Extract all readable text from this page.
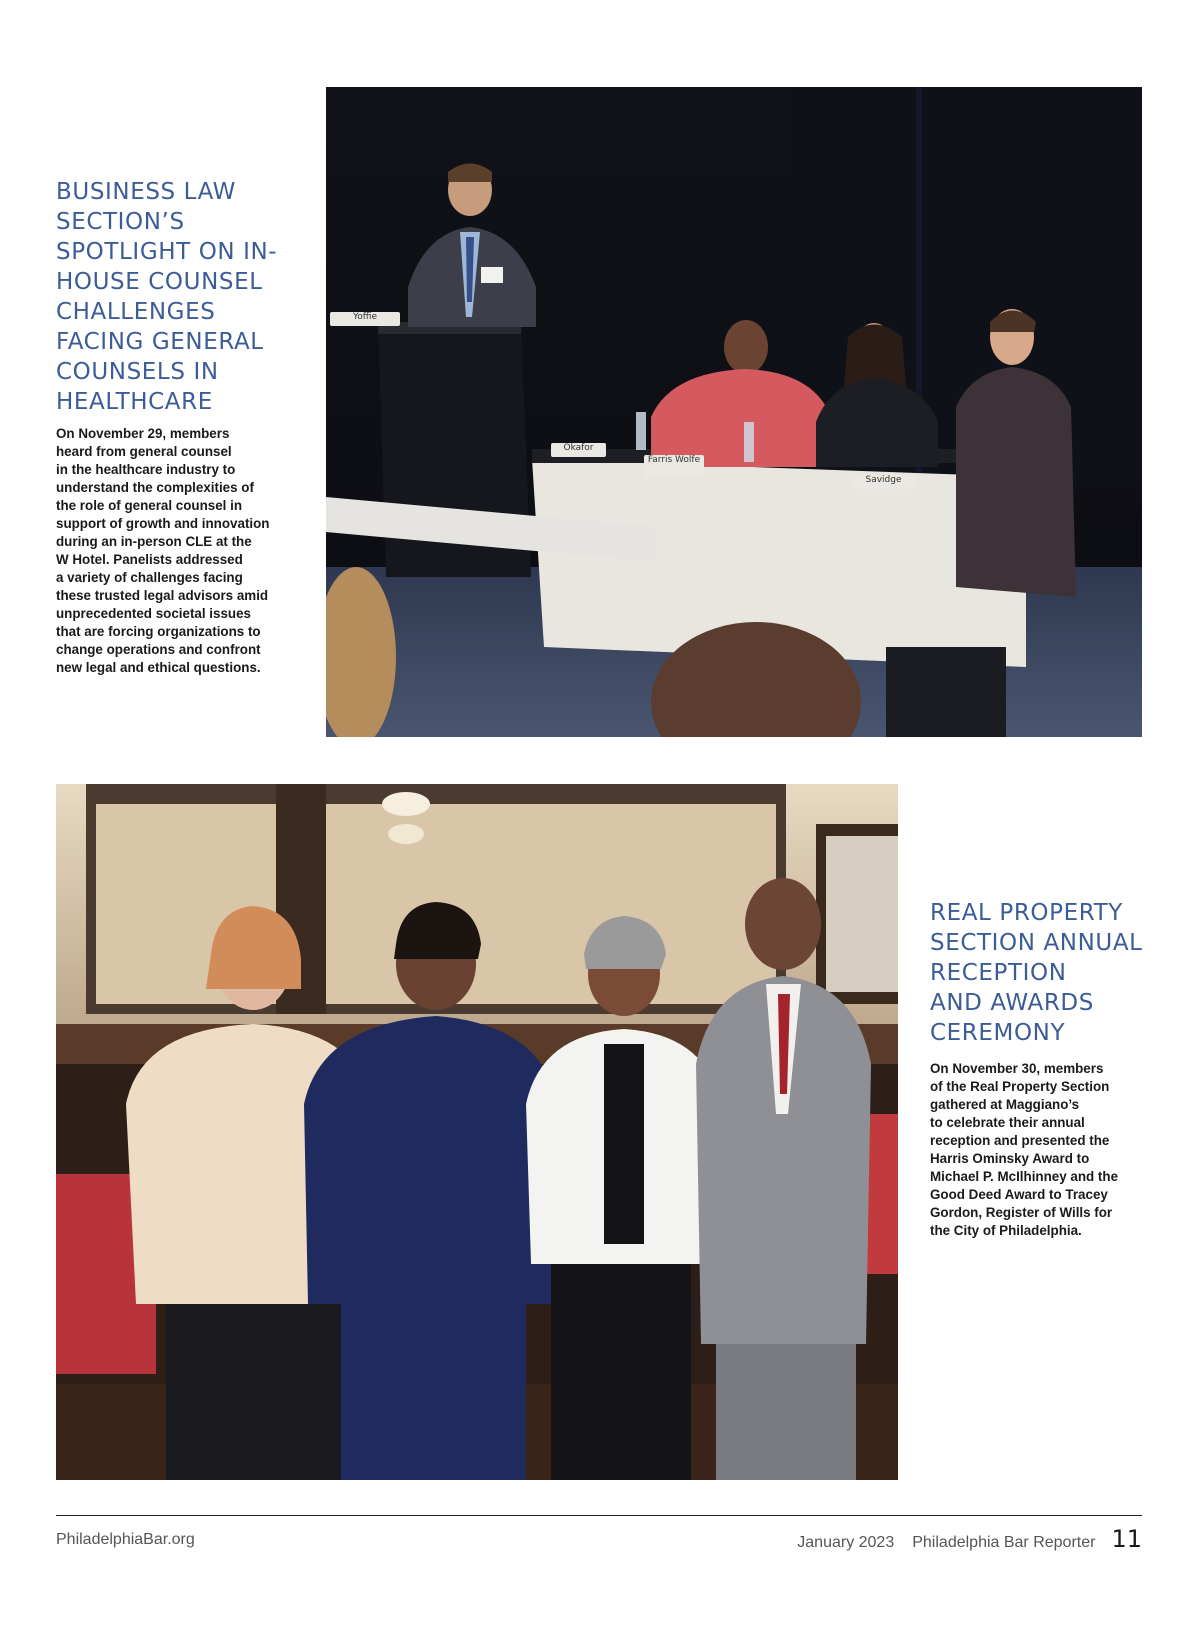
BUSINESS LAW
SECTION’S
SPOTLIGHT ON IN-
HOUSE COUNSEL
CHALLENGES
FACING GENERAL
COUNSELS IN
HEALTHCARE

On November 29, members
heard from general counsel
in the healthcare industry to
understand the complexities of
the role of general counsel in
support of growth and innovation
during an in-person CLE at the
W Hotel. Panelists addressed
a variety of challenges facing
these trusted legal advisors amid
unprecedented societal issues
that are forcing organizations to
change operations and confront
new legal and ethical questions.

Yoffie
Okafor
Farris Wolfe
Savidge
REAL PROPERTY
SECTION ANNUAL
RECEPTION
AND AWARDS
CEREMONY

On November 30, members
of the Real Property Section
gathered at Maggiano’s
to celebrate their annual
reception and presented the
Harris Ominsky Award to
Michael P. McIlhinney and the
Good Deed Award to Tracey
Gordon, Register of Wills for
the City of Philadelphia.

PhiladelphiaBar.org	January 2023 Philadelphia Bar Reporter 11
